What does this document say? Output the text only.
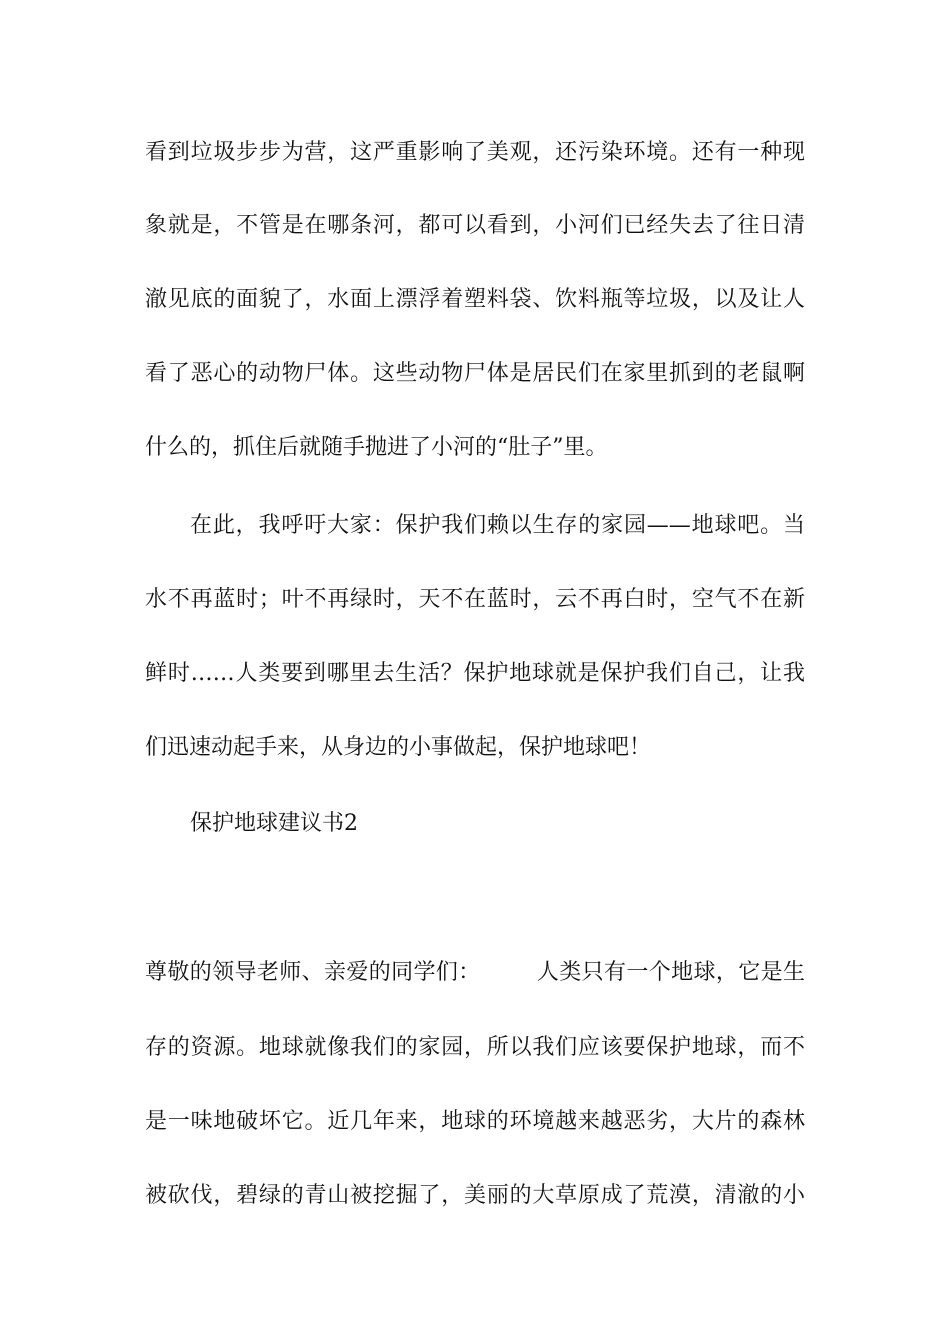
看到垃圾步步为营，这严重影响了美观，还污染环境。还有一种现
象就是，不管是在哪条河，都可以看到，小河们已经失去了往日清
澈见底的面貌了，水面上漂浮着塑料袋、饮料瓶等垃圾，以及让人
看了恶心的动物尸体。这些动物尸体是居民们在家里抓到的老鼠啊
什么的，抓住后就随手抛进了小河的“肚子”里。
在此，我呼吁大家：保护我们赖以生存的家园——地球吧。当
水不再蓝时；叶不再绿时，天不在蓝时，云不再白时，空气不在新
鲜时……人类要到哪里去生活？保护地球就是保护我们自己，让我
们迅速动起手来，从身边的小事做起，保护地球吧！
保护地球建议书2
尊敬的领导老师、亲爱的同学们：　　　人类只有一个地球，它是生
存的资源。地球就像我们的家园，所以我们应该要保护地球，而不
是一味地破坏它。近几年来，地球的环境越来越恶劣，大片的森林
被砍伐，碧绿的青山被挖掘了，美丽的大草原成了荒漠，清澈的小
